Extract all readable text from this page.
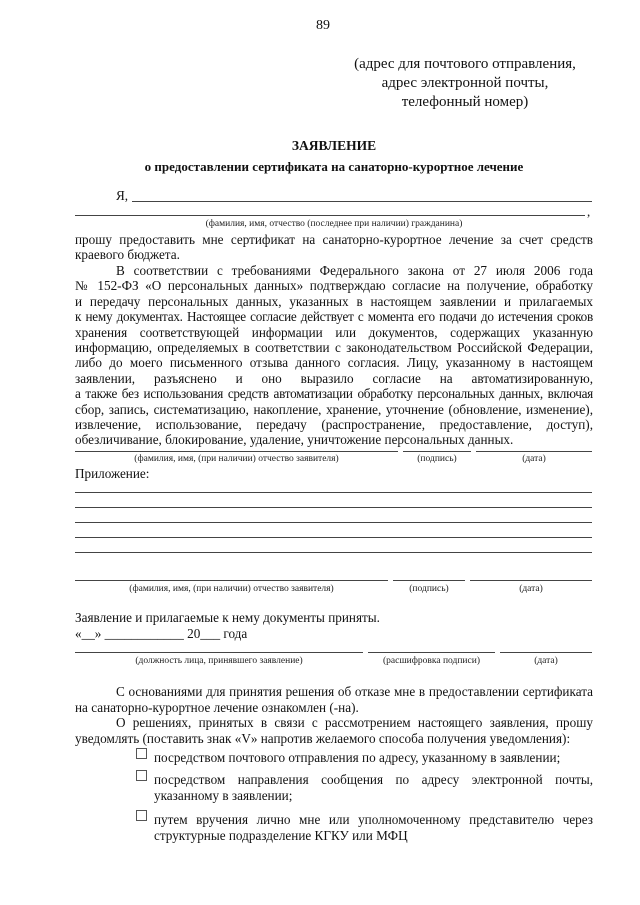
89
(адрес для почтового отправления,
адрес электронной почты,
телефонный номер)
ЗАЯВЛЕНИЕ
о предоставлении сертификата на санаторно-курортное лечение
Я,
,
(фамилия, имя, отчество (последнее при наличии) гражданина)
прошу предоставить мне сертификат на санаторно-курортное лечение за счет средств
краевого бюджета.
В соответствии с требованиями Федерального закона от 27 июля 2006 года
№ 152-ФЗ «О персональных данных» подтверждаю согласие на получение, обработку
и передачу персональных данных, указанных в настоящем заявлении и прилагаемых
к нему документах. Настоящее согласие действует с момента его подачи до истечения сроков
хранения соответствующей информации или документов, содержащих указанную
информацию, определяемых в соответствии с законодательством Российской Федерации,
либо до моего письменного отзыва данного согласия. Лицу, указанному в настоящем
заявлении, разъяснено и оно выразило согласие на автоматизированную,
а также без использования средств автоматизации обработку персональных данных, включая
сбор, запись, систематизацию, накопление, хранение, уточнение (обновление, изменение),
извлечение, использование, передачу (распространение, предоставление, доступ),
обезличивание, блокирование, удаление, уничтожение персональных данных.
(фамилия, имя, (при наличии) отчество заявителя)	(подпись)	(дата)
Приложение:
(фамилия, имя, (при наличии) отчество заявителя)	(подпись)	(дата)
Заявление и прилагаемые к нему документы приняты.
«__» ____________ 20___ года
(должность лица, принявшего заявление)	(расшифровка подписи)	(дата)
С основаниями для принятия решения об отказе мне в предоставлении сертификата
на санаторно-курортное лечение ознакомлен (-на).
О решениях, принятых в связи с рассмотрением настоящего заявления, прошу
уведомлять (поставить знак «V» напротив желаемого способа получения уведомления):
посредством почтового отправления по адресу, указанному в заявлении;
посредством направления сообщения по адресу электронной почты,
указанному в заявлении;
путем вручения лично мне или уполномоченному представителю через
структурные подразделение КГКУ или МФЦ
